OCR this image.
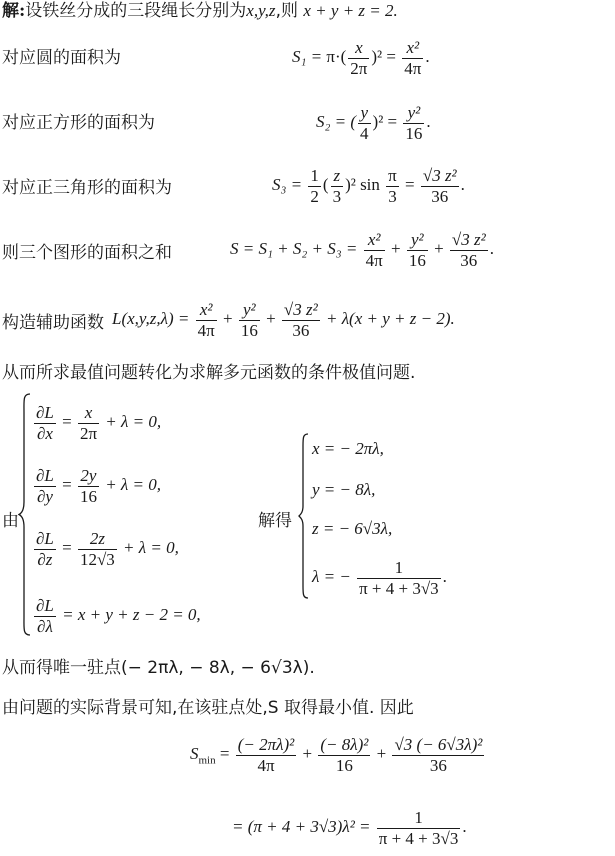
解:设铁丝分成的三段绳长分别为x,y,z,则 x + y + z = 2.
对应圆的面积为	$S_1 = \pi\cdot( \frac{x}{2\pi} )^2 = \frac{\text{x²}}{4\pi}$ .
对应正方形的面积为	S₂ = ( $\frac{y}{4} )^2 = \frac{\text{y²}}{16}$ .
对应正三角形的面积为	$S_3 = \frac{1}{2}$ ( $\frac{z}{3} )^2$ $\sin \frac{\pi}{3} = \frac{\text{√3 z²}}{36}$ .
则三个图形的面积之和	$S = S_1 + S_2 + S_3 = \frac{\text{x²}}{4\pi} + \frac{\text{y²}}{16} + \frac{\text{√3 z²}}{36}$ .
构造辅助函数 $L(x,y,z,\lambda) = \frac{\text{x²}}{4\pi} + \frac{\text{y²}}{16} + \frac{\text{√3 z²}}{36} + \lambda(x + y + z - 2)$.
从而所求最值问题转化为求解多元函数的条件极值问题.
由
$\frac{\partial L}{\partial x} = \frac{x}{2\pi} + \lambda = 0$,
$\frac{\partial L}{\partial y} = \frac{2y}{16} + \lambda = 0$,
$\frac{\partial L}{\partial z} = \frac{2z}{12√3} + \lambda = 0$,
$\frac{\partial L}{\partial\lambda} = x + y + z - 2 = 0$,
解得
x = − 2πλ,
y = − 8λ,
z = − 6√3λ,
λ = − $\frac{1}{\pi + 4 + 3√3}$ .
从而得唯一驻点(− 2πλ, − 8λ, − 6√3λ).
由问题的实际背景可知,在该驻点处,S 取得最小值. 因此
$S_{min} = \frac{\text{(− 2πλ)²}}{4\pi} + \frac{\text{(− 8λ)²}}{16} + \frac{\text{√3 (− 6√3λ)²}}{36}$
= $(\pi + 4 + 3√3)\lambda^2 = \frac{1}{\pi + 4 + 3√3}$ .
